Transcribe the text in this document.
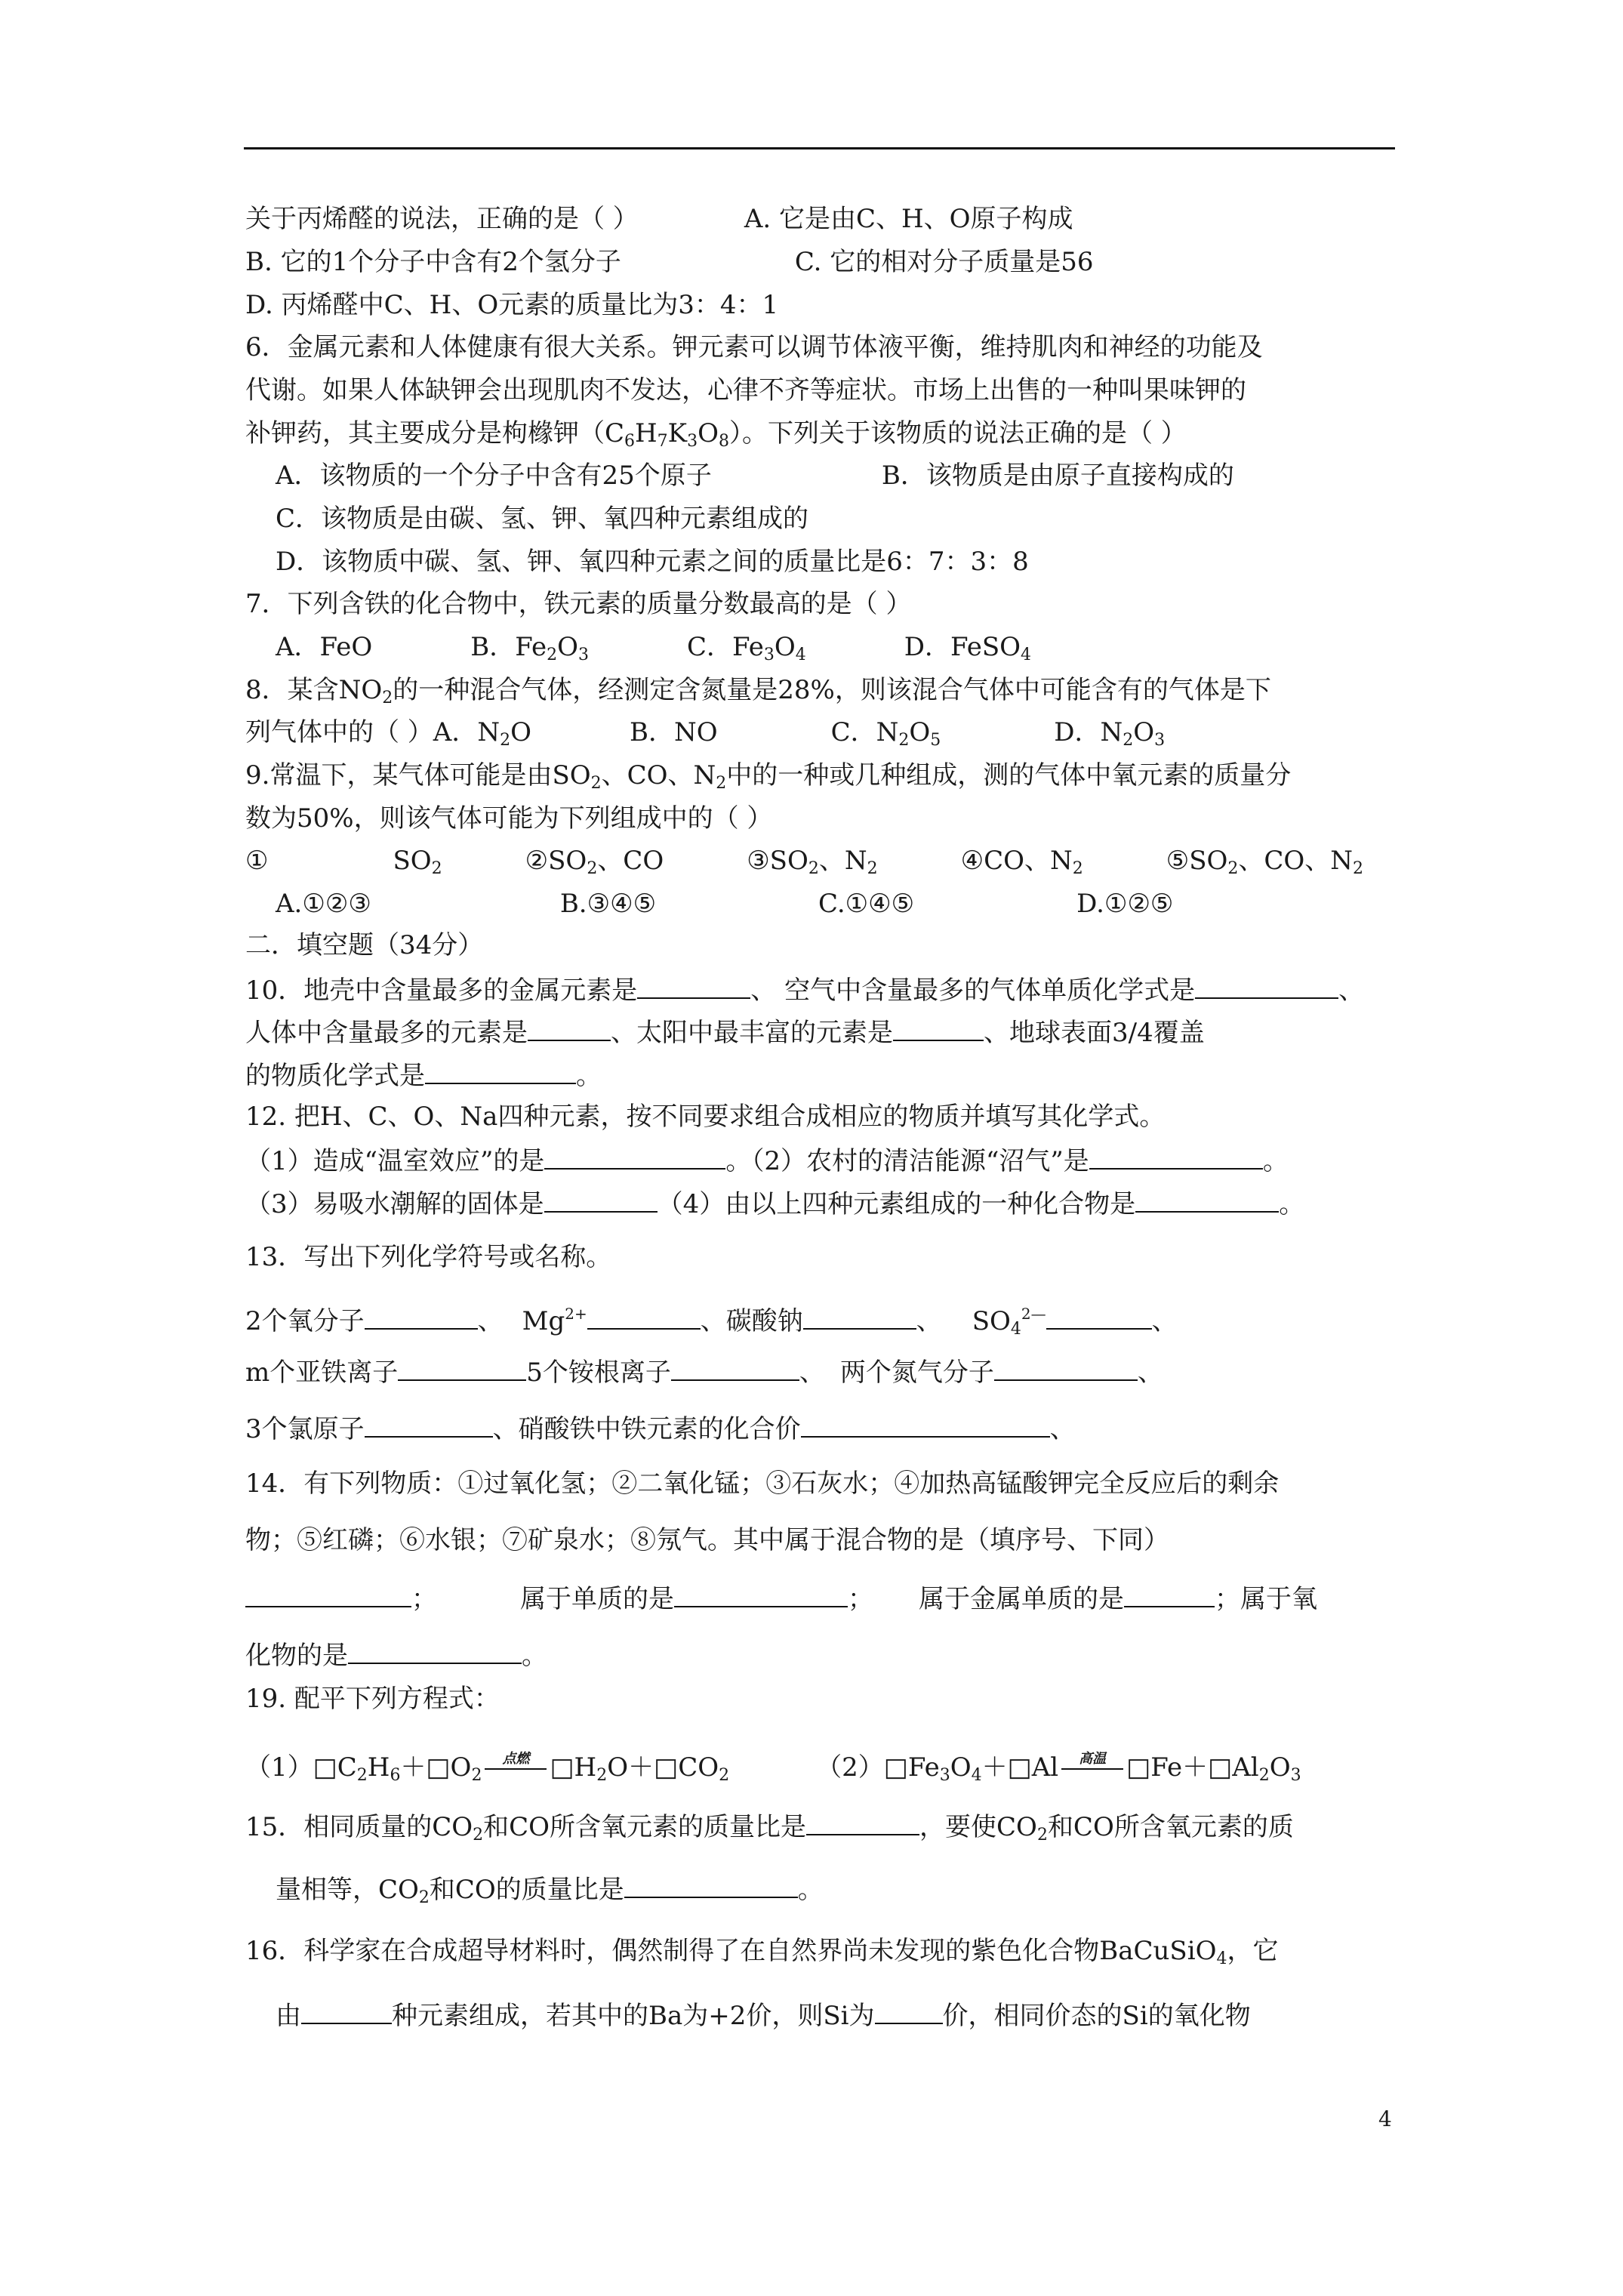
关于丙烯醛的说法，正确的是（ ）	A. 它是由C、H、O原子构成
B. 它的1个分子中含有2个氢分子	C. 它的相对分子质量是56
D. 丙烯醛中C、H、O元素的质量比为3：4：1
6．金属元素和人体健康有很大关系。钾元素可以调节体液平衡，维持肌肉和神经的功能及
代谢。如果人体缺钾会出现肌肉不发达，心律不齐等症状。市场上出售的一种叫果味钾的
补钾药，其主要成分是枸橼钾$(C_6H_7K_3O_8)$。下列关于该物质的说法正确的是（ ）
A．该物质的一个分子中含有25个原子	B．该物质是由原子直接构成的
C．该物质是由碳、氢、钾、氧四种元素组成的
D．该物质中碳、氢、钾、氧四种元素之间的质量比是6：7：3：8
7．下列含铁的化合物中，铁元素的质量分数最高的是（ ）
A．FeO	B．$Fe_2O_3$	C．$Fe_3O_4$	D．FeSO$_4$
8．某含$NO_2$的一种混合气体，经测定含氮量是28%，则该混合气体中可能含有的气体是下
列气体中的（ ）A．$N_2O$	B．NO	C．$N_2O_5$	D．$N_2O_3$
9.常温下，某气体可能是由$SO_2$、CO、$N_2$中的一种或几种组成，测的气体中氧元素的质量分
数为50%，则该气体可能为下列组成中的（ ）
①	$SO_2$	$②SO_2$、CO	$③SO_2$、$N_2$	④CO、$N_2$	$⑤SO_2$、CO、$N_2$
A.①②③	B.③④⑤	C.①④⑤	D.①②⑤
二．填空题（34分）
10．地壳中含量最多的金属元素是	、 空气中含量最多的气体单质化学式是	、
人体中含量最多的元素是	、太阳中最丰富的元素是	、地球表面3/4覆盖
的物质化学式是	。
12. 把H、C、O、Na四种元素，按不同要求组合成相应的物质并填写其化学式。
（1）造成“温室效应”的是	。（2）农村的清洁能源“沼气”是	。
（3）易吸水潮解的固体是	（4）由以上四种元素组成的一种化合物是	。
13．写出下列化学符号或名称。
2个氧分子	、 $Mg^{2+}$	、碳酸钠	、 $SO_4^{2—}$	、
m个亚铁离子	5个铵根离子	、 两个氮气分子	、
3个氯原子	、硝酸铁中铁元素的化合价	、
14．有下列物质：①过氧化氢；②二氧化锰；③石灰水；④加热高锰酸钾完全反应后的剩余
物；⑤红磷；⑥水银；⑦矿泉水；⑧氖气。其中属于混合物的是（填序号、下同）
；	属于单质的是	； 属于金属单质的是	；属于氧
化物的是	。
19. 配平下列方程式：
$(1)□C_2H_6+□O_2$
点燃 $□H_2O+□CO_2$	$(2)□Fe_3O_4+□Al$	高温 $□Fe+□Al_2O_3$
15．相同质量的$CO_2$和CO所含氧元素的质量比是	，要使$CO_2$和CO所含氧元素的质
量相等，$CO_2$和CO的质量比是	。
16．科学家在合成超导材料时，偶然制得了在自然界尚未发现的紫色化合物BaCuSiO$_4$，它
由	种元素组成，若其中的Ba为+2价，则Si为	价，相同价态的Si的氧化物
4
